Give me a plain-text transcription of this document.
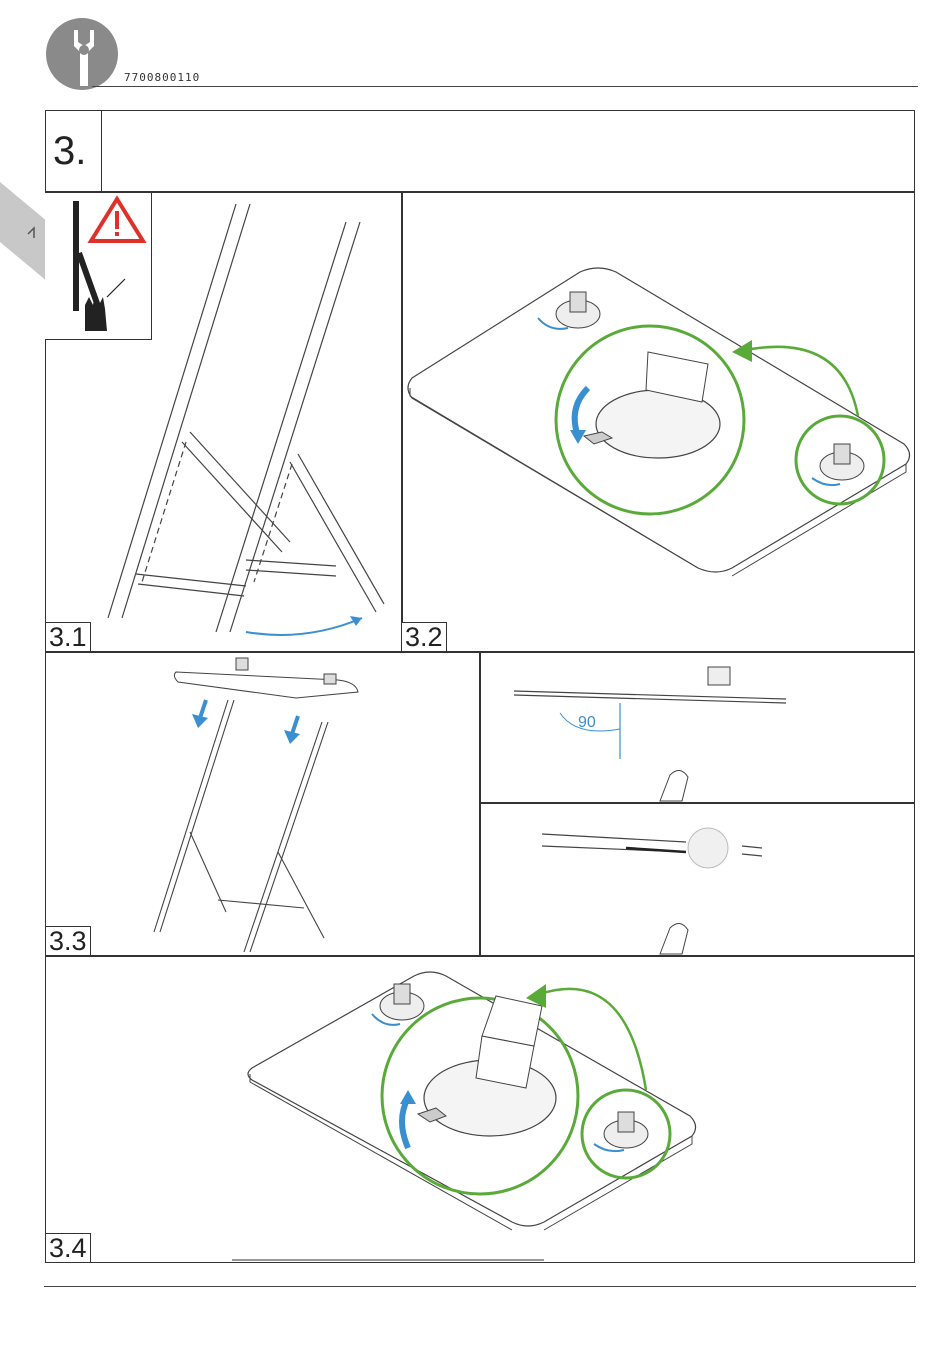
7700800110
3.
3.1	3.2
3.3
90
3.4
